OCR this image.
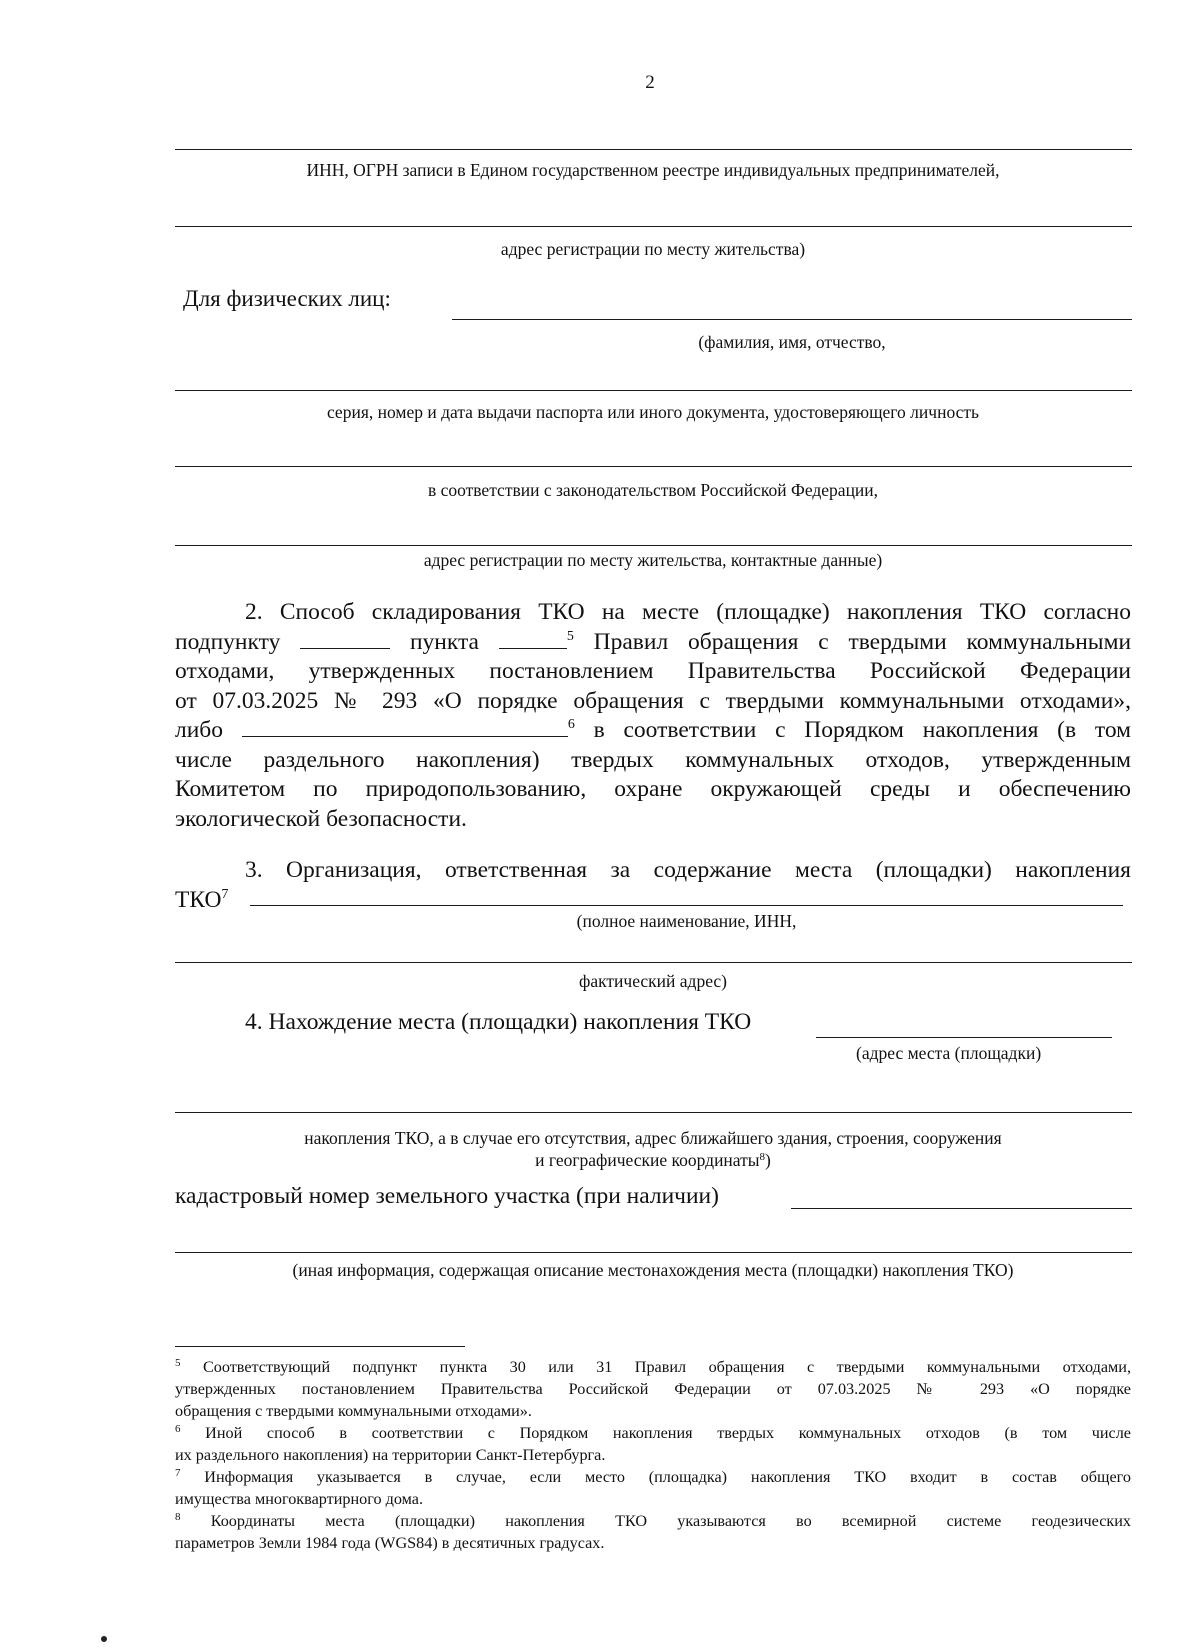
2
ИНН, ОГРН записи в Едином государственном реестре индивидуальных предпринимателей,
адрес регистрации по месту жительства)
Для физических лиц:
(фамилия, имя, отчество,
серия, номер и дата выдачи паспорта или иного документа, удостоверяющего личность
в соответствии с законодательством Российской Федерации,
адрес регистрации по месту жительства, контактные данные)
2. Способ складирования ТКО на месте (площадке) накопления ТКО согласно
подпункту	пункта	$^5$ Правил обращения с твердыми коммунальными
отходами, утвержденных постановлением Правительства Российской Федерации
от 07.03.2025 № 293 «О порядке обращения с твердыми коммунальными отходами»,
либо	$^6$ в соответствии с Порядком накопления (в том
числе раздельного накопления) твердых коммунальных отходов, утвержденным
Комитетом по природопользованию, охране окружающей среды и обеспечению
экологической безопасности.
3. Организация, ответственная за содержание места (площадки) накопления
ТКО$^7$
(полное наименование, ИНН,
фактический адрес)
4. Нахождение места (площадки) накопления ТКО
(адрес места (площадки)
накопления ТКО, а в случае его отсутствия, адрес ближайшего здания, строения, сооружения
и географические координаты$^8$)
кадастровый номер земельного участка (при наличии)
(иная информация, содержащая описание местонахождения места (площадки) накопления ТКО)
$^5$ Соответствующий подпункт пункта 30 или 31 Правил обращения с твердыми коммунальными отходами,
утвержденных постановлением Правительства Российской Федерации от 07.03.2025 № 293 «О порядке
обращения с твердыми коммунальными отходами».
$^6$ Иной способ в соответствии с Порядком накопления твердых коммунальных отходов (в том числе
их раздельного накопления) на территории Санкт-Петербурга.
$^7$ Информация указывается в случае, если место (площадка) накопления ТКО входит в состав общего
имущества многоквартирного дома.
$^8$ Координаты места (площадки) накопления ТКО указываются во всемирной системе геодезических
параметров Земли 1984 года (WGS84) в десятичных градусах.
